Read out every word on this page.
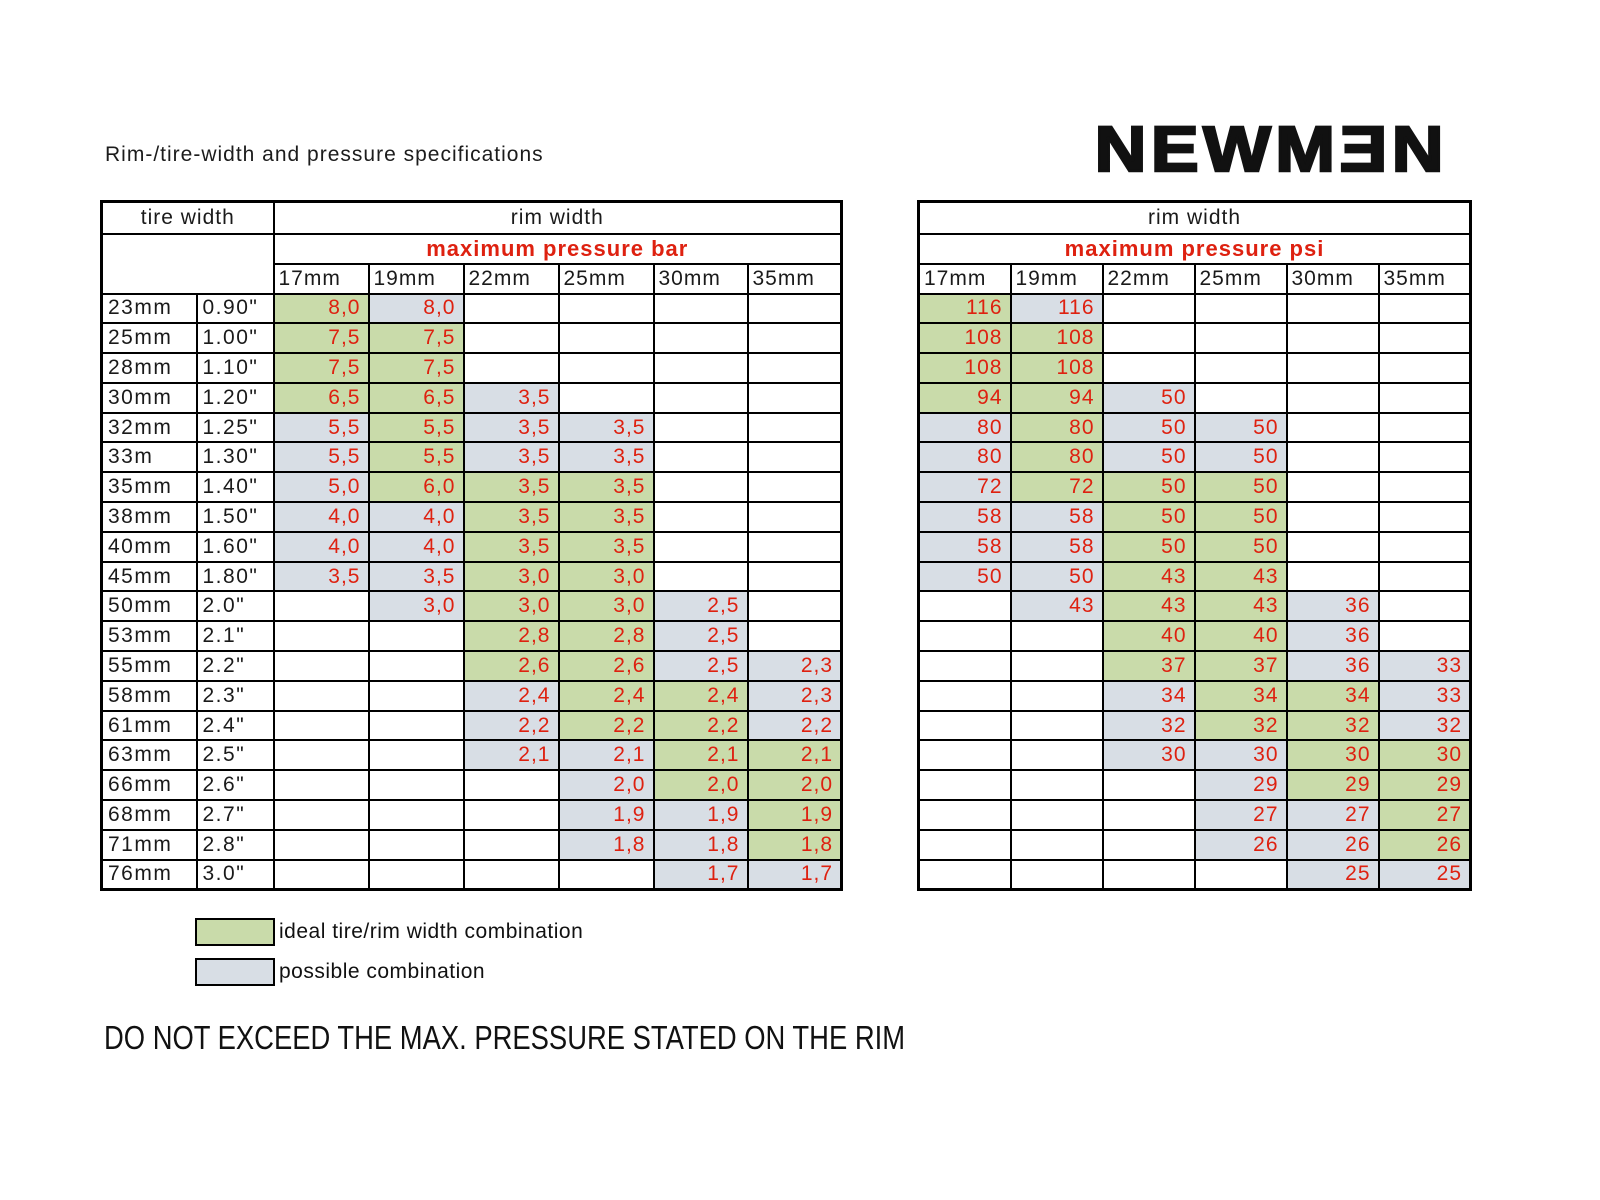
Rim-/tire-width and pressure specifications	NEWMƎN
tire width		rim width					
		maximum pressure bar					
		17mm	19mm	22mm	25mm	30mm	35mm
23mm	0.90"	8,0	8,0				
25mm	1.00"	7,5	7,5				
28mm	1.10"	7,5	7,5				
30mm	1.20"	6,5	6,5	3,5			
32mm	1.25"	5,5	5,5	3,5	3,5		
33m	1.30"	5,5	5,5	3,5	3,5		
35mm	1.40"	5,0	6,0	3,5	3,5		
38mm	1.50"	4,0	4,0	3,5	3,5		
40mm	1.60"	4,0	4,0	3,5	3,5		
45mm	1.80"	3,5	3,5	3,0	3,0		
50mm	2.0"		3,0	3,0	3,0	2,5	
53mm	2.1"			2,8	2,8	2,5	
55mm	2.2"			2,6	2,6	2,5	2,3
58mm	2.3"			2,4	2,4	2,4	2,3
61mm	2.4"			2,2	2,2	2,2	2,2
63mm	2.5"			2,1	2,1	2,1	2,1
66mm	2.6"				2,0	2,0	2,0
68mm	2.7"				1,9	1,9	1,9
71mm	2.8"				1,8	1,8	1,8
76mm	3.0"					1,7	1,7
rim width					
maximum pressure psi					
17mm	19mm	22mm	25mm	30mm	35mm
116	116				
108	108				
108	108				
94	94	50			
80	80	50	50		
80	80	50	50		
72	72	50	50		
58	58	50	50		
58	58	50	50		
50	50	43	43		
	43	43	43	36	
		40	40	36	
		37	37	36	33
		34	34	34	33
		32	32	32	32
		30	30	30	30
			29	29	29
			27	27	27
			26	26	26
				25	25
ideal tire/rim width combination
possible combination
DO NOT EXCEED THE MAX. PRESSURE STATED ON THE RIM
